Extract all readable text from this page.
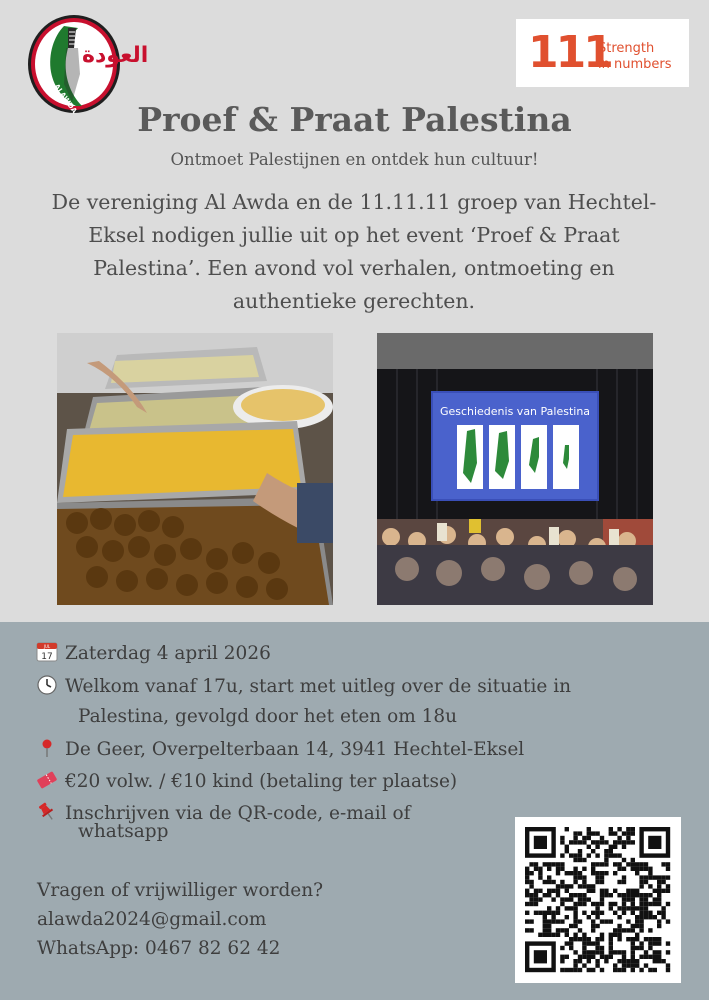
العودة
ALAWDA
111
Strength
in numbers
Proef & Praat Palestina
Ontmoet Palestijnen en ontdek hun cultuur!
De vereniging Al Awda en de 11.11.11 groep van Hechtel-
Eksel nodigen jullie uit op het event ‘Proef & Praat
Palestina’. Een avond vol verhalen, ontmoeting en
authentieke gerechten.
Geschiedenis van Palestina
JUL
17 Zaterdag 4 april 2026
Welkom vanaf 17u, start met uitleg over de situatie in
Palestina, gevolgd door het eten om 18u
De Geer, Overpelterbaan 14, 3941 Hechtel-Eksel
€20 volw. / €10 kind (betaling ter plaatse)
Inschrijven via de QR-code, e-mail of
whatsapp
Vragen of vrijwilliger worden?
alawda2024@gmail.com
WhatsApp: 0467 82 62 42
